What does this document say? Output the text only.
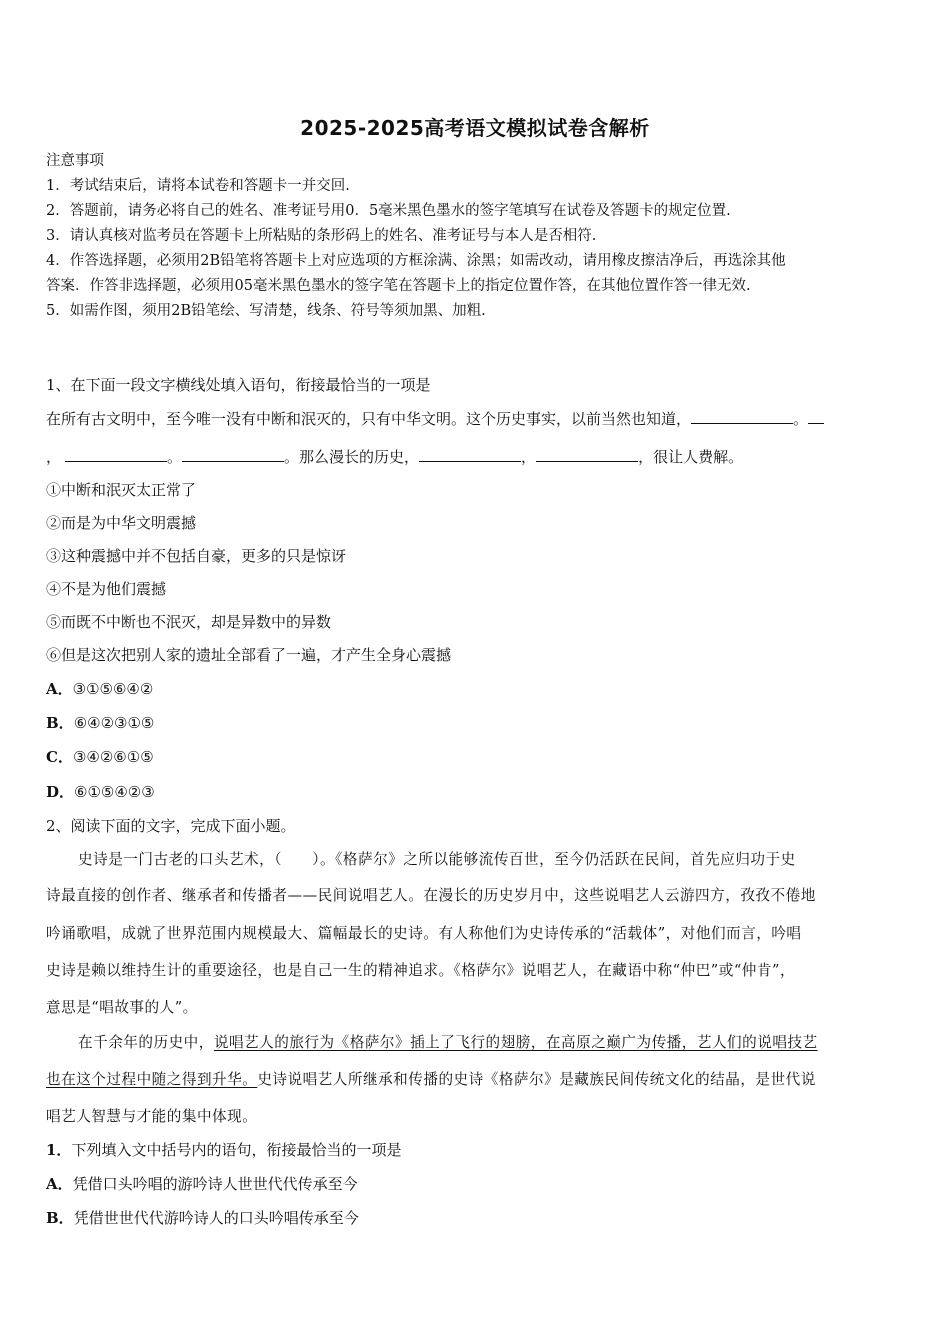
2025-2025高考语文模拟试卷含解析
注意事项
1．考试结束后，请将本试卷和答题卡一并交回.
2．答题前，请务必将自己的姓名、准考证号用0．5毫米黑色墨水的签字笔填写在试卷及答题卡的规定位置.
3．请认真核对监考员在答题卡上所粘贴的条形码上的姓名、准考证号与本人是否相符.
4．作答选择题，必须用2B铅笔将答题卡上对应选项的方框涂满、涂黑；如需改动，请用橡皮擦洁净后，再选涂其他
答案．作答非选择题，必须用05毫米黑色墨水的签字笔在答题卡上的指定位置作答，在其他位置作答一律无效.
5．如需作图，须用2B铅笔绘、写清楚，线条、符号等须加黑、加粗.
1、在下面一段文字横线处填入语句，衔接最恰当的一项是
在所有古文明中，至今唯一没有中断和泯灭的，只有中华文明。这个历史事实，以前当然也知道，	。
，	。	。那么漫长的历史，	，	，很让人费解。
①中断和泯灭太正常了
②而是为中华文明震撼
③这种震撼中并不包括自豪，更多的只是惊讶
④不是为他们震撼
⑤而既不中断也不泯灭，却是异数中的异数
⑥但是这次把别人家的遗址全部看了一遍，才产生全身心震撼
A．③①⑤⑥④②
B．⑥④②③①⑤
C．③④②⑥①⑤
D．⑥①⑤④②③
2、阅读下面的文字，完成下面小题。
史诗是一门古老的口头艺术，（　　）。《格萨尔》之所以能够流传百世，至今仍活跃在民间，首先应归功于史
诗最直接的创作者、继承者和传播者——民间说唱艺人。在漫长的历史岁月中，这些说唱艺人云游四方，孜孜不倦地
吟诵歌唱，成就了世界范围内规模最大、篇幅最长的史诗。有人称他们为史诗传承的“活载体”，对他们而言，吟唱
史诗是赖以维持生计的重要途径，也是自己一生的精神追求。《格萨尔》说唱艺人，在藏语中称“仲巴”或“仲肯”，
意思是“唱故事的人”。
在千余年的历史中，说唱艺人的旅行为《格萨尔》插上了飞行的翅膀，在高原之巅广为传播，艺人们的说唱技艺
也在这个过程中随之得到升华。史诗说唱艺人所继承和传播的史诗《格萨尔》是藏族民间传统文化的结晶，是世代说
唱艺人智慧与才能的集中体现。
1．下列填入文中括号内的语句，衔接最恰当的一项是
A．凭借口头吟唱的游吟诗人世世代代传承至今
B．凭借世世代代游吟诗人的口头吟唱传承至今
